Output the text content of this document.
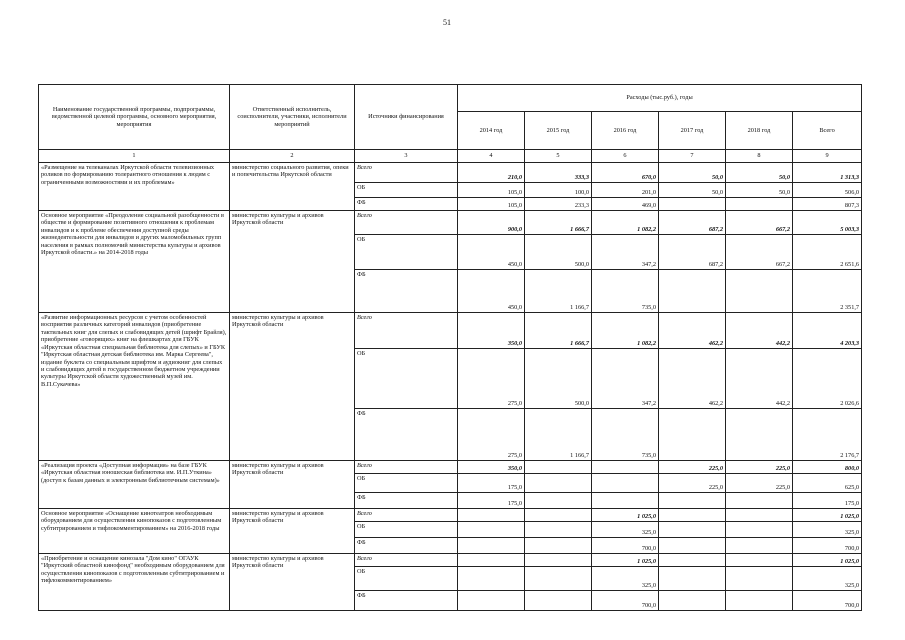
51
Наименование государственной программы, подпрограммы, ведомственной целевой программы, основного мероприятия, мероприятия	Ответственный исполнитель, соисполнители, участники, исполнители мероприятий	Источники финансирования	Расходы (тыс.руб.), годы					
			2014 год	2015 год	2016 год	2017 год	2018 год	Всего
1	2	3	4	5	6	7	8	9
«Размещение на телеканалах Иркутской области телевизионных роликов по формированию толерантного отношения к людям с ограниченными возможностями и их проблемам»	министерство социального развития, опеки и попечительства Иркутской области	Всего	210,0	333,3	670,0	50,0	50,0	1 313,3
		ОБ	105,0	100,0	201,0	50,0	50,0	506,0
		ФБ	105,0	233,3	469,0			807,3
Основное мероприятие «Преодоление социальной разобщенности в обществе и формирование позитивного отношения к проблемам инвалидов и к проблеме обеспечения доступной среды жизнедеятельности для инвалидов и других маломобильных групп населения в рамках полномочий министерства культуры и архивов Иркутской области.» на 2014-2018 годы	министерство культуры и архивов Иркутской области	Всего	900,0	1 666,7	1 082,2	687,2	667,2	5 003,3
		ОБ	450,0	500,0	347,2	687,2	667,2	2 651,6
		ФБ	450,0	1 166,7	735,0			2 351,7
«Развитие информационных ресурсов с учетом особенностей восприятия различных категорий инвалидов (приобретение тактильных книг для слепых и слабовидящих детей (шрифт Брайля), приобретение «говорящих» книг на флешкартах для ГБУК «Иркутская областная специальная библиотека для слепых» и ГБУК "Иркутская областная детская библиотека им. Марка Сергеева", издание буклета со специальным шрифтом и аудиокниг для слепых и слабовидящих детей в государственном бюджетном учреждении культуры Иркутской области художественный музей им. В.П.Сукачева»	министерство культуры и архивов Иркутской области	Всего	350,0	1 666,7	1 082,2	462,2	442,2	4 203,3
		ОБ	275,0	500,0	347,2	462,2	442,2	2 026,6
		ФБ	275,0	1 166,7	735,0			2 176,7
«Реализация проекта «Доступная информация» на базе ГБУК «Иркутская областная юношеская библиотека им. И.П.Уткина» (доступ к базам данных и электронным библиотечным системам)»	министерство культуры и архивов Иркутской области	Всего	350,0			225,0	225,0	800,0
		ОБ	175,0			225,0	225,0	625,0
		ФБ	175,0					175,0
Основное мероприятие «Оснащение кинотеатров необходимым оборудованием для осуществления кинопоказов с подготовленным субтитрированием и тифлокомментированием» на 2016-2018 годы	министерство культуры и архивов Иркутской области	Всего			1 025,0			1 025,0
		ОБ			325,0			325,0
		ФБ			700,0			700,0
«Приобретение и оснащение кинозала "Дом кино" ОГАУК "Иркутский областной кинофонд" необходимым оборудованием для осуществления кинопоказов с подготовленным субтитрированием и тифлокомментированием»	министерство культуры и архивов Иркутской области	Всего			1 025,0			1 025,0
		ОБ			325,0			325,0
		ФБ			700,0			700,0
